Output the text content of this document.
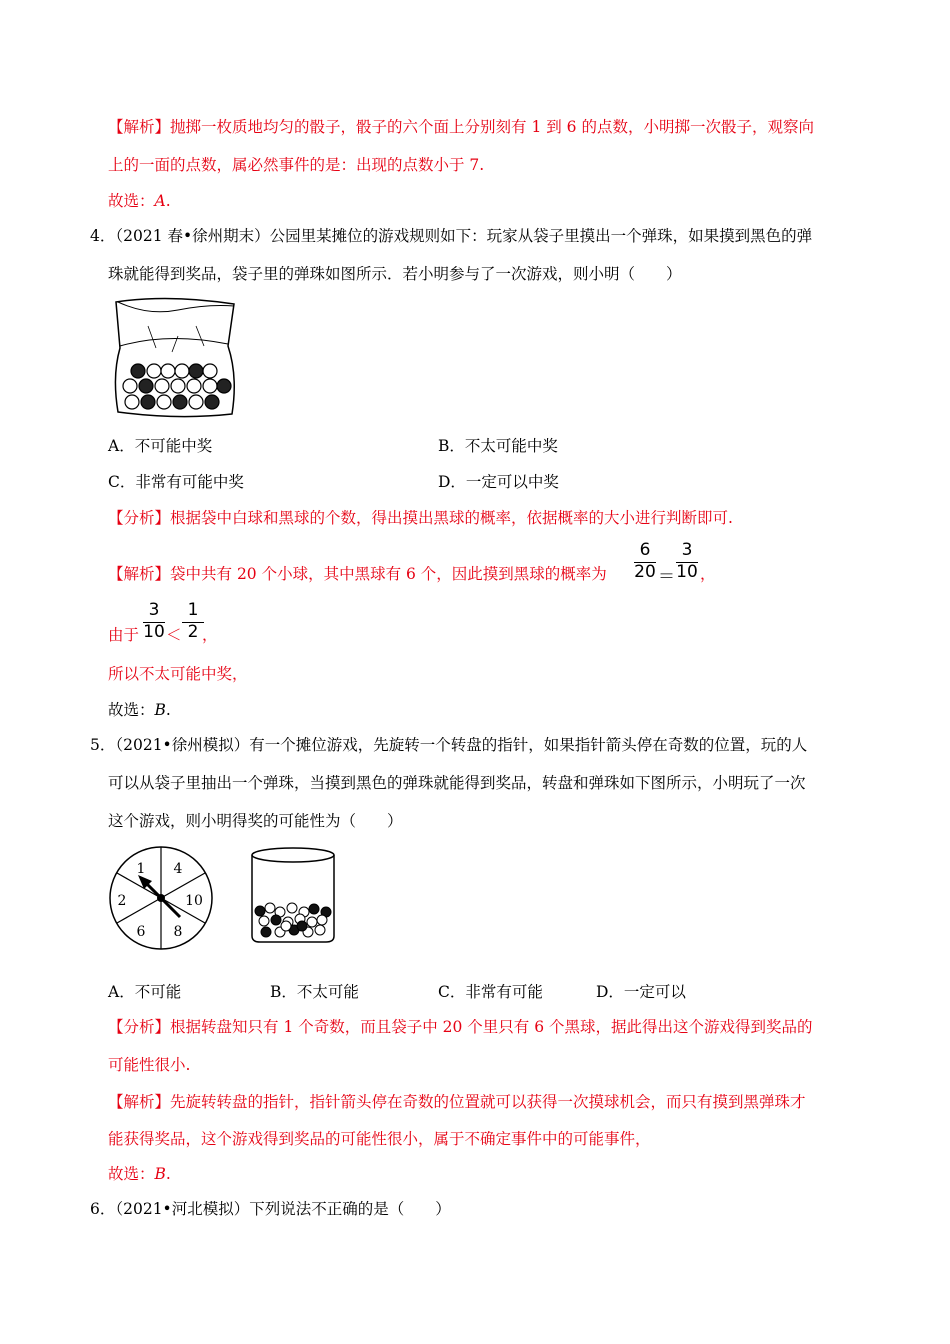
【解析】抛掷一枚质地均匀的骰子，骰子的六个面上分别刻有 1 到 6 的点数，小明掷一次骰子，观察向
上的一面的点数，属必然事件的是：出现的点数小于 7.
故选：A.
4．（2021 春•徐州期末）公园里某摊位的游戏规则如下：玩家从袋子里摸出一个弹珠，如果摸到黑色的弹
珠就能得到奖品，袋子里的弹珠如图所示．若小明参与了一次游戏，则小明（　　）
A．不可能中奖	B．不太可能中奖
C．非常有可能中奖	D．一定可以中奖
【分析】根据袋中白球和黑球的个数，得出摸出黑球的概率，依据概率的大小进行判断即可.
【解析】袋中共有 20 个小球，其中黑球有 6 个，因此摸到黑球的概率为
6
20 ＝
3
10 ，
由于
3
10 ＜
1
2 ，
所以不太可能中奖，
故选：B.
5．（2021•徐州模拟）有一个摊位游戏，先旋转一个转盘的指针，如果指针箭头停在奇数的位置，玩的人
可以从袋子里抽出一个弹珠，当摸到黑色的弹珠就能得到奖品，转盘和弹珠如下图所示，小明玩了一次
这个游戏，则小明得奖的可能性为（　　）
1 4
10
8
6
2
A．不可能	B．不太可能	C．非常有可能	D．一定可以
【分析】根据转盘知只有 1 个奇数，而且袋子中 20 个里只有 6 个黑球，据此得出这个游戏得到奖品的
可能性很小.
【解析】先旋转转盘的指针，指针箭头停在奇数的位置就可以获得一次摸球机会，而只有摸到黑弹珠才
能获得奖品，这个游戏得到奖品的可能性很小，属于不确定事件中的可能事件，
故选：B.
6．（2021•河北模拟）下列说法不正确的是（　　）
